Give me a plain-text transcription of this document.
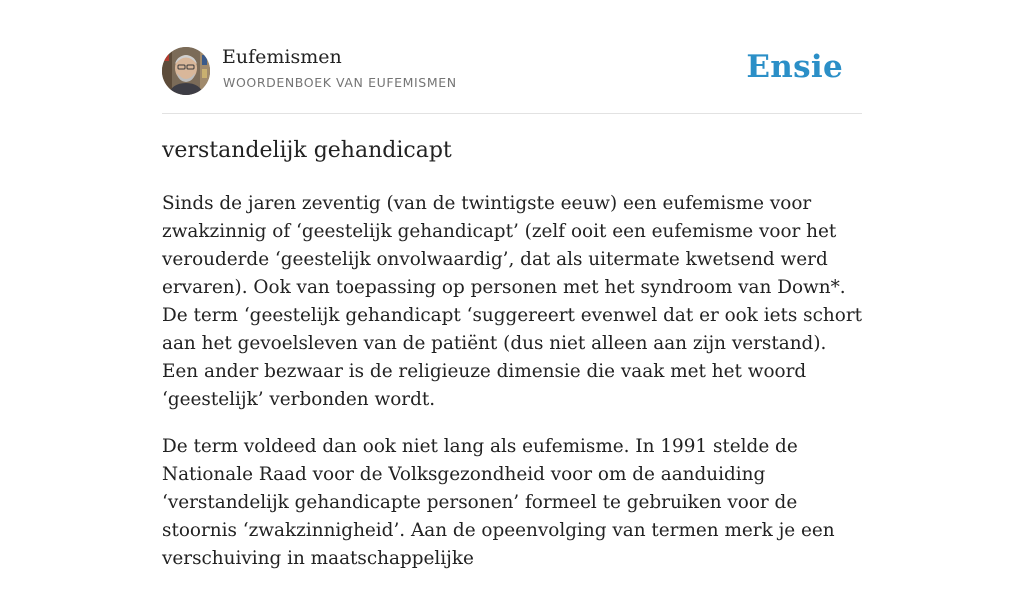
Eufemismen
WOORDENBOEK VAN EUFEMISMEN	Ensie
verstandelijk gehandicapt

Sinds de jaren zeventig (van de twintigste eeuw) een eufemisme voor zwakzinnig of ‘geestelijk gehandicapt’ (zelf ooit een eufemisme voor het verouderde ‘geestelijk onvolwaardig’, dat als uitermate kwetsend werd ervaren). Ook van toepassing op personen met het syndroom van Down*. De term ‘geestelijk gehandicapt ‘suggereert evenwel dat er ook iets schort aan het gevoelsleven van de patiënt (dus niet alleen aan zijn verstand). Een ander bezwaar is de religieuze dimensie die vaak met het woord ‘geestelijk’ verbonden wordt.

De term voldeed dan ook niet lang als eufemisme. In 1991 stelde de Nationale Raad voor de Volksgezondheid voor om de aanduiding ‘verstandelijk gehandicapte personen’ formeel te gebruiken voor de stoornis ‘zwakzinnigheid’. Aan de opeenvolging van termen merk je een verschuiving in maatschappelijke
